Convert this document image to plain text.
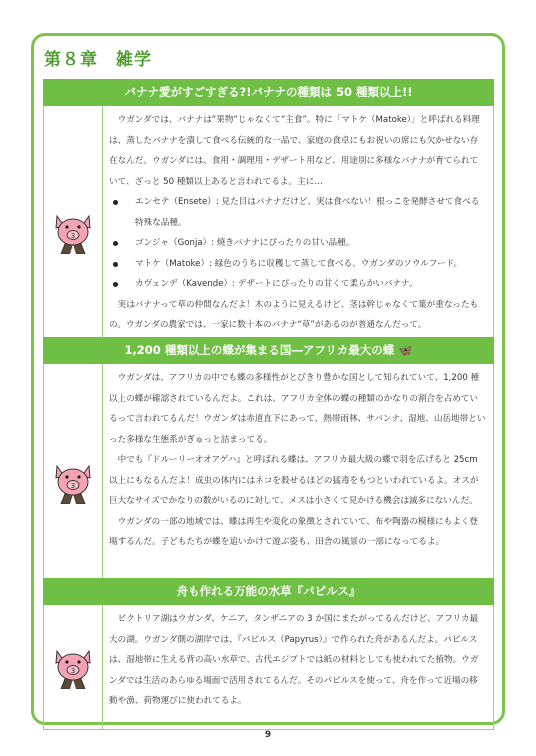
第８章　雑学
バナナ愛がすごすぎる?!バナナの種類は 50 種類以上!!
3

ウガンダでは、バナナは“果物”じゃなくて“主食”。特に「マトケ（Matoke）」と呼ばれる料理は、蒸したバナナを潰して食べる伝統的な一品で、家庭の食卓にもお祝いの席にも欠かせない存在なんだ。ウガンダには、食用・調理用・デザート用など、用途別に多様なバナナが育てられていて、ざっと 50 種類以上あると言われてるよ。主に…

エンセテ（Ensete）: 見た目はバナナだけど、実は食べない！根っこを発酵させて食べる特殊な品種。
ゴンジャ（Gonja）: 焼きバナナにぴったりの甘い品種。
マトケ（Matoke）: 緑色のうちに収穫して蒸して食べる、ウガンダのソウルフード。
カヴェンデ（Kavende）: デザートにぴったりの甘くて柔らかいバナナ。

実はバナナって草の仲間なんだよ！木のように見えるけど、茎は幹じゃなくて葉が重なったもの。ウガンダの農家では、一家に数十本のバナナ“草”があるのが普通なんだって。

1,200 種類以上の蝶が集まる国―アフリカ最大の蝶 🦋
3

ウガンダは、アフリカの中でも蝶の多様性がとびきり豊かな国として知られていて、1,200 種以上の蝶が確認されているんだよ。これは、アフリカ全体の蝶の種類のかなりの割合を占めているって言われてるんだ！ウガンダは赤道直下にあって、熱帯雨林、サバンナ、湿地、山岳地帯といった多様な生態系がぎゅっと詰まってる。

中でも『ドルーリーオオアゲハ』と呼ばれる蝶は、アフリカ最大級の蝶で羽を広げると 25cm 以上にもなるんだよ！成虫の体内にはネコを殺せるほどの猛毒をもつといわれているよ。オスが巨大なサイズでかなりの数がいるのに対して、メスは小さくて見かける機会は滅多にないんだ。

ウガンダの一部の地域では、蝶は再生や変化の象徴とされていて、布や陶器の模様にもよく登場するんだ。子どもたちが蝶を追いかけて遊ぶ姿も、田舎の風景の一部になってるよ。

舟も作れる万能の水草『パピルス』
3

ビクトリア湖はウガンダ、ケニア、タンザニアの 3 か国にまたがってるんだけど、アフリカ最大の湖。ウガンダ側の湖岸では、『パピルス（Papyrus）』で作られた舟があるんだよ。パピルスは、湿地帯に生える背の高い水草で、古代エジプトでは紙の材料としても使われてた植物。ウガンダでは生活のあらゆる場面で活用されてるんだ。そのパピルスを使って、舟を作って近場の移動や漁、荷物運びに使われてるよ。

9
